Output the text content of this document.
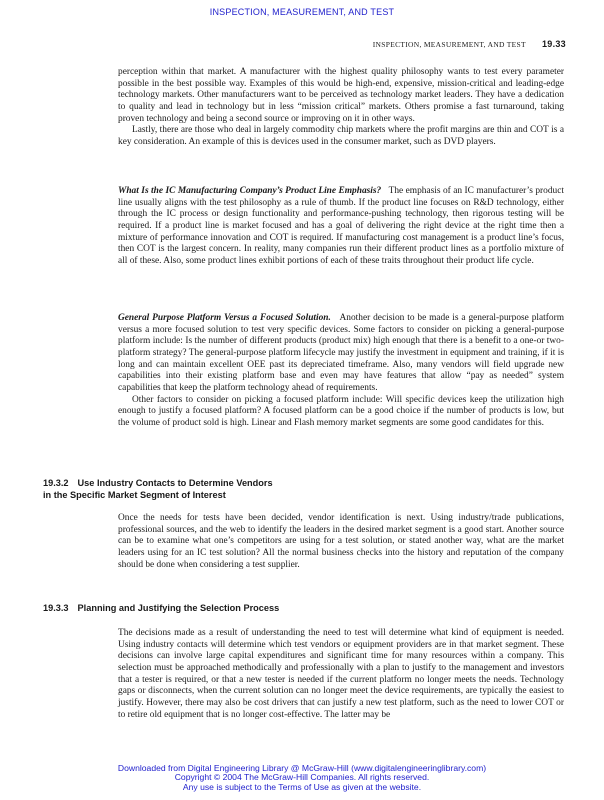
INSPECTION, MEASUREMENT, AND TEST
INSPECTION, MEASUREMENT, AND TEST 19.33

perception within that market. A manufacturer with the highest quality philosophy wants to test every parameter possible in the best possible way. Examples of this would be high-end, expensive, mission-critical and leading-edge technology markets. Other manufacturers want to be perceived as technology market leaders. They have a dedication to quality and lead in technology but in less “mission critical” markets. Others promise a fast turnaround, taking proven technology and being a second source or improving on it in other ways.

Lastly, there are those who deal in largely commodity chip markets where the profit margins are thin and COT is a key consideration. An example of this is devices used in the consumer market, such as DVD players.

What Is the IC Manufacturing Company’s Product Line Emphasis? The emphasis of an IC manufacturer’s product line usually aligns with the test philosophy as a rule of thumb. If the product line focuses on R&D technology, either through the IC process or design functionality and performance-pushing technology, then rigorous testing will be required. If a product line is market focused and has a goal of delivering the right device at the right time then a mixture of performance innovation and COT is required. If manufacturing cost management is a product line’s focus, then COT is the largest concern. In reality, many companies run their different product lines as a portfolio mixture of all of these. Also, some product lines exhibit portions of each of these traits throughout their product life cycle.

General Purpose Platform Versus a Focused Solution. Another decision to be made is a general-purpose platform versus a more focused solution to test very specific devices. Some factors to consider on picking a general-purpose platform include: Is the number of different products (product mix) high enough that there is a benefit to a one-or two-platform strategy? The general-purpose platform lifecycle may justify the investment in equipment and training, if it is long and can maintain excellent OEE past its depreciated timeframe. Also, many vendors will field upgrade new capabilities into their existing platform base and even may have features that allow “pay as needed” system capabilities that keep the platform technology ahead of requirements.

Other factors to consider on picking a focused platform include: Will specific devices keep the utilization high enough to justify a focused platform? A focused platform can be a good choice if the number of products is low, but the volume of product sold is high. Linear and Flash memory market segments are some good candidates for this.

19.3.2 Use Industry Contacts to Determine Vendors
in the Specific Market Segment of Interest

Once the needs for tests have been decided, vendor identification is next. Using industry/trade publications, professional sources, and the web to identify the leaders in the desired market segment is a good start. Another source can be to examine what one’s competitors are using for a test solution, or stated another way, what are the market leaders using for an IC test solution? All the normal business checks into the history and reputation of the company should be done when considering a test supplier.

19.3.3 Planning and Justifying the Selection Process

The decisions made as a result of understanding the need to test will determine what kind of equipment is needed. Using industry contacts will determine which test vendors or equipment providers are in that market segment. These decisions can involve large capital expenditures and significant time for many resources within a company. This selection must be approached methodically and professionally with a plan to justify to the management and investors that a tester is required, or that a new tester is needed if the current platform no longer meets the needs. Technology gaps or disconnects, when the current solution can no longer meet the device requirements, are typically the easiest to justify. However, there may also be cost drivers that can justify a new test platform, such as the need to lower COT or to retire old equipment that is no longer cost-effective. The latter may be

Downloaded from Digital Engineering Library @ McGraw-Hill (www.digitalengineeringlibrary.com)
Copyright © 2004 The McGraw-Hill Companies. All rights reserved.
Any use is subject to the Terms of Use as given at the website.
